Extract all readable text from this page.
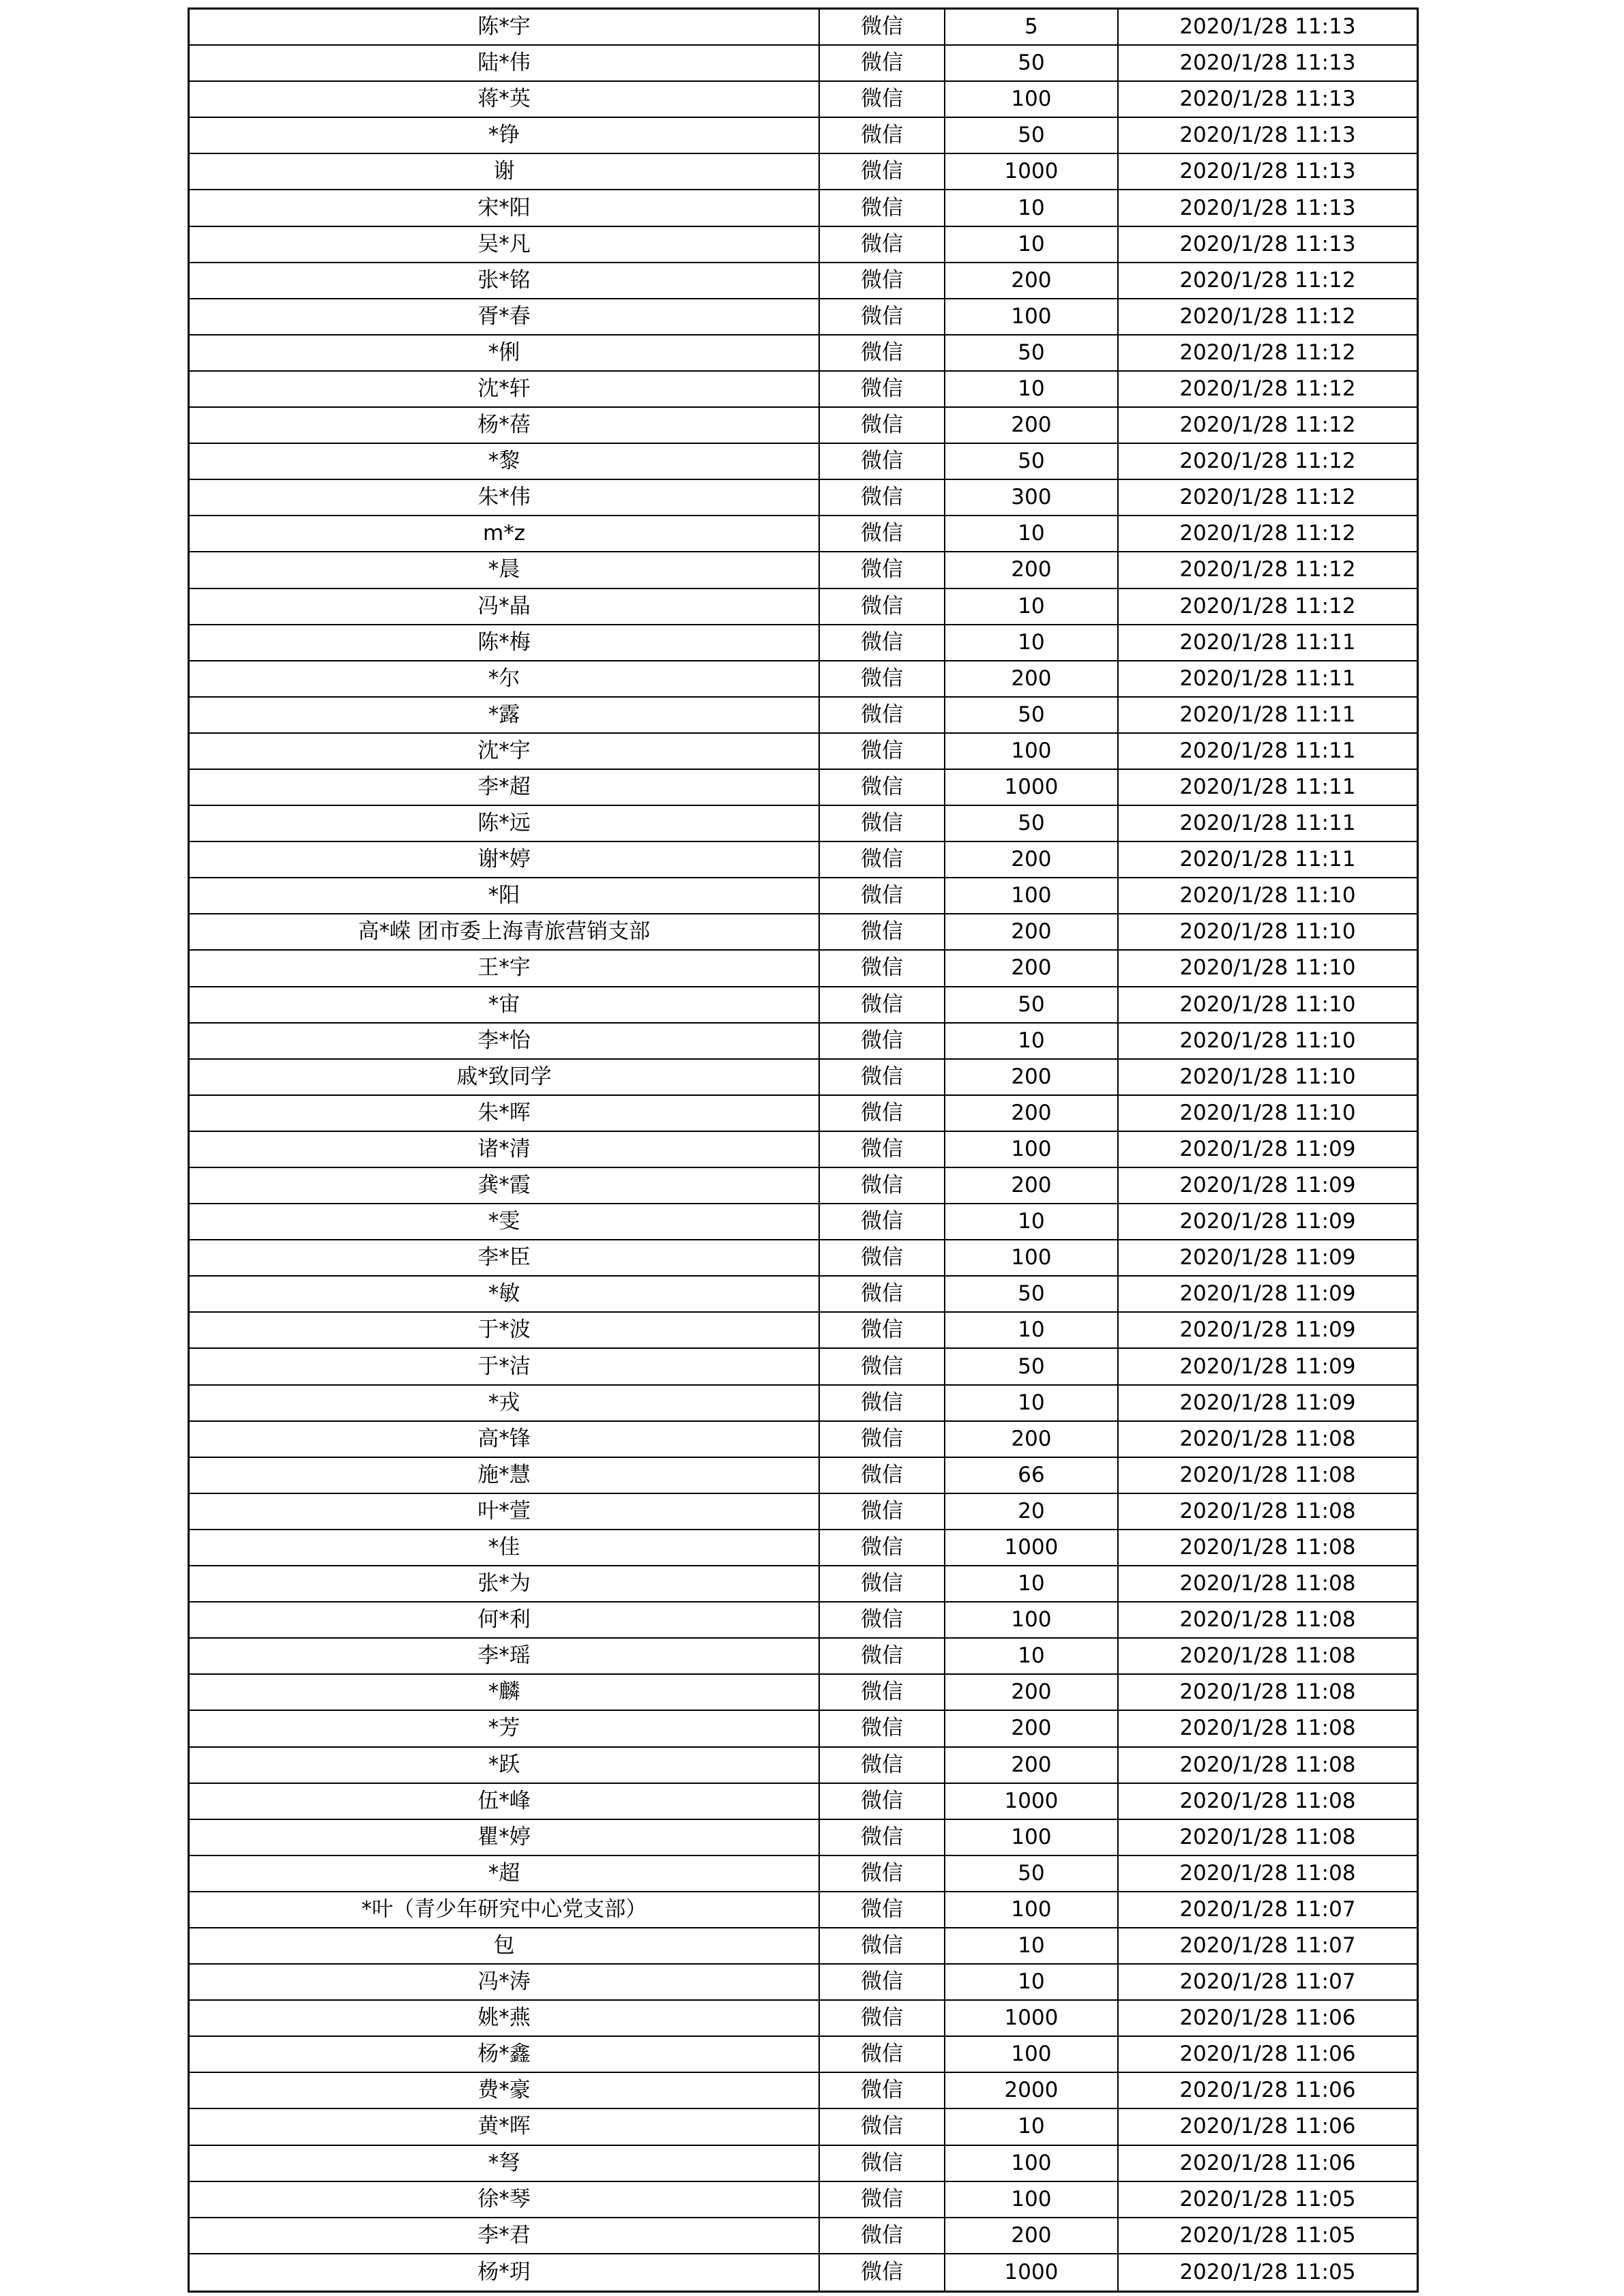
陈*宇	微信	5	2020/1/28 11:13
陆*伟	微信	50	2020/1/28 11:13
蒋*英	微信	100	2020/1/28 11:13
*铮	微信	50	2020/1/28 11:13
谢	微信	1000	2020/1/28 11:13
宋*阳	微信	10	2020/1/28 11:13
吴*凡	微信	10	2020/1/28 11:13
张*铭	微信	200	2020/1/28 11:12
胥*春	微信	100	2020/1/28 11:12
*俐	微信	50	2020/1/28 11:12
沈*轩	微信	10	2020/1/28 11:12
杨*蓓	微信	200	2020/1/28 11:12
*黎	微信	50	2020/1/28 11:12
朱*伟	微信	300	2020/1/28 11:12
m*z	微信	10	2020/1/28 11:12
*晨	微信	200	2020/1/28 11:12
冯*晶	微信	10	2020/1/28 11:12
陈*梅	微信	10	2020/1/28 11:11
*尔	微信	200	2020/1/28 11:11
*露	微信	50	2020/1/28 11:11
沈*宇	微信	100	2020/1/28 11:11
李*超	微信	1000	2020/1/28 11:11
陈*远	微信	50	2020/1/28 11:11
谢*婷	微信	200	2020/1/28 11:11
*阳	微信	100	2020/1/28 11:10
高*嵘 团市委上海青旅营销支部	微信	200	2020/1/28 11:10
王*宇	微信	200	2020/1/28 11:10
*宙	微信	50	2020/1/28 11:10
李*怡	微信	10	2020/1/28 11:10
戚*致同学	微信	200	2020/1/28 11:10
朱*晖	微信	200	2020/1/28 11:10
诸*清	微信	100	2020/1/28 11:09
龚*霞	微信	200	2020/1/28 11:09
*雯	微信	10	2020/1/28 11:09
李*臣	微信	100	2020/1/28 11:09
*敏	微信	50	2020/1/28 11:09
于*波	微信	10	2020/1/28 11:09
于*洁	微信	50	2020/1/28 11:09
*戎	微信	10	2020/1/28 11:09
高*锋	微信	200	2020/1/28 11:08
施*慧	微信	66	2020/1/28 11:08
叶*萱	微信	20	2020/1/28 11:08
*佳	微信	1000	2020/1/28 11:08
张*为	微信	10	2020/1/28 11:08
何*利	微信	100	2020/1/28 11:08
李*瑶	微信	10	2020/1/28 11:08
*麟	微信	200	2020/1/28 11:08
*芳	微信	200	2020/1/28 11:08
*跃	微信	200	2020/1/28 11:08
伍*峰	微信	1000	2020/1/28 11:08
瞿*婷	微信	100	2020/1/28 11:08
*超	微信	50	2020/1/28 11:08
*叶（青少年研究中心党支部）	微信	100	2020/1/28 11:07
包	微信	10	2020/1/28 11:07
冯*涛	微信	10	2020/1/28 11:07
姚*燕	微信	1000	2020/1/28 11:06
杨*鑫	微信	100	2020/1/28 11:06
费*豪	微信	2000	2020/1/28 11:06
黄*晖	微信	10	2020/1/28 11:06
*弩	微信	100	2020/1/28 11:06
徐*琴	微信	100	2020/1/28 11:05
李*君	微信	200	2020/1/28 11:05
杨*玥	微信	1000	2020/1/28 11:05
